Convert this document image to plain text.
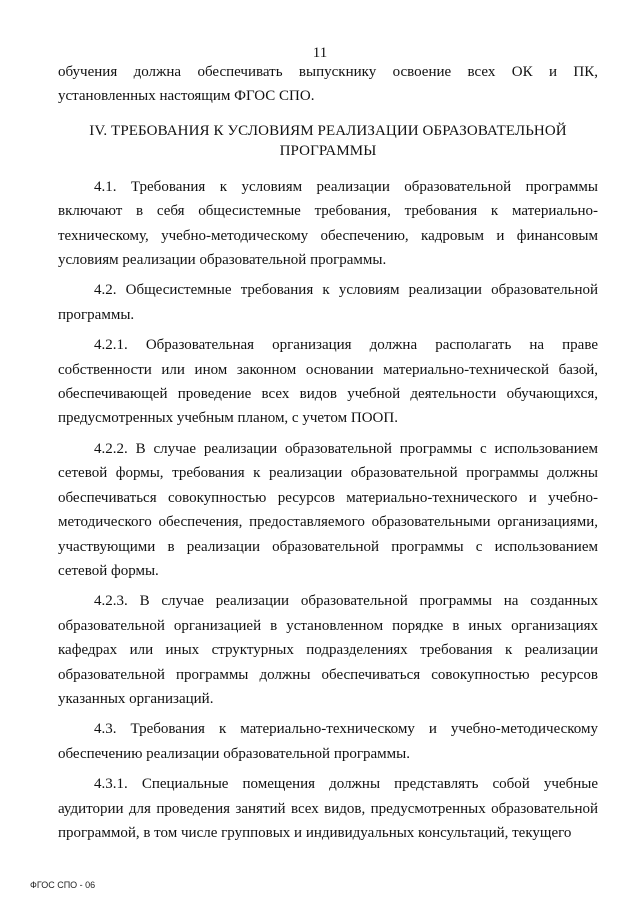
11

обучения должна обеспечивать выпускнику освоение всех ОК и ПК, установленных настоящим ФГОС СПО.

IV. ТРЕБОВАНИЯ К УСЛОВИЯМ РЕАЛИЗАЦИИ ОБРАЗОВАТЕЛЬНОЙ
ПРОГРАММЫ

4.1. Требования к условиям реализации образовательной программы включают в себя общесистемные требования, требования к материально-техническому, учебно-методическому обеспечению, кадровым и финансовым условиям реализации образовательной программы.

4.2. Общесистемные требования к условиям реализации образовательной программы.

4.2.1. Образовательная организация должна располагать на праве собственности или ином законном основании материально-технической базой, обеспечивающей проведение всех видов учебной деятельности обучающихся, предусмотренных учебным планом, с учетом ПООП.

4.2.2. В случае реализации образовательной программы с использованием сетевой формы, требования к реализации образовательной программы должны обеспечиваться совокупностью ресурсов материально-технического и учебно-методического обеспечения, предоставляемого образовательными организациями, участвующими в реализации образовательной программы с использованием сетевой формы.

4.2.3. В случае реализации образовательной программы на созданных образовательной организацией в установленном порядке в иных организациях кафедрах или иных структурных подразделениях требования к реализации образовательной программы должны обеспечиваться совокупностью ресурсов указанных организаций.

4.3. Требования к материально-техническому и учебно-методическому обеспечению реализации образовательной программы.

4.3.1. Специальные помещения должны представлять собой учебные аудитории для проведения занятий всех видов, предусмотренных образовательной программой, в том числе групповых и индивидуальных консультаций, текущего

ФГОС СПО - 06
